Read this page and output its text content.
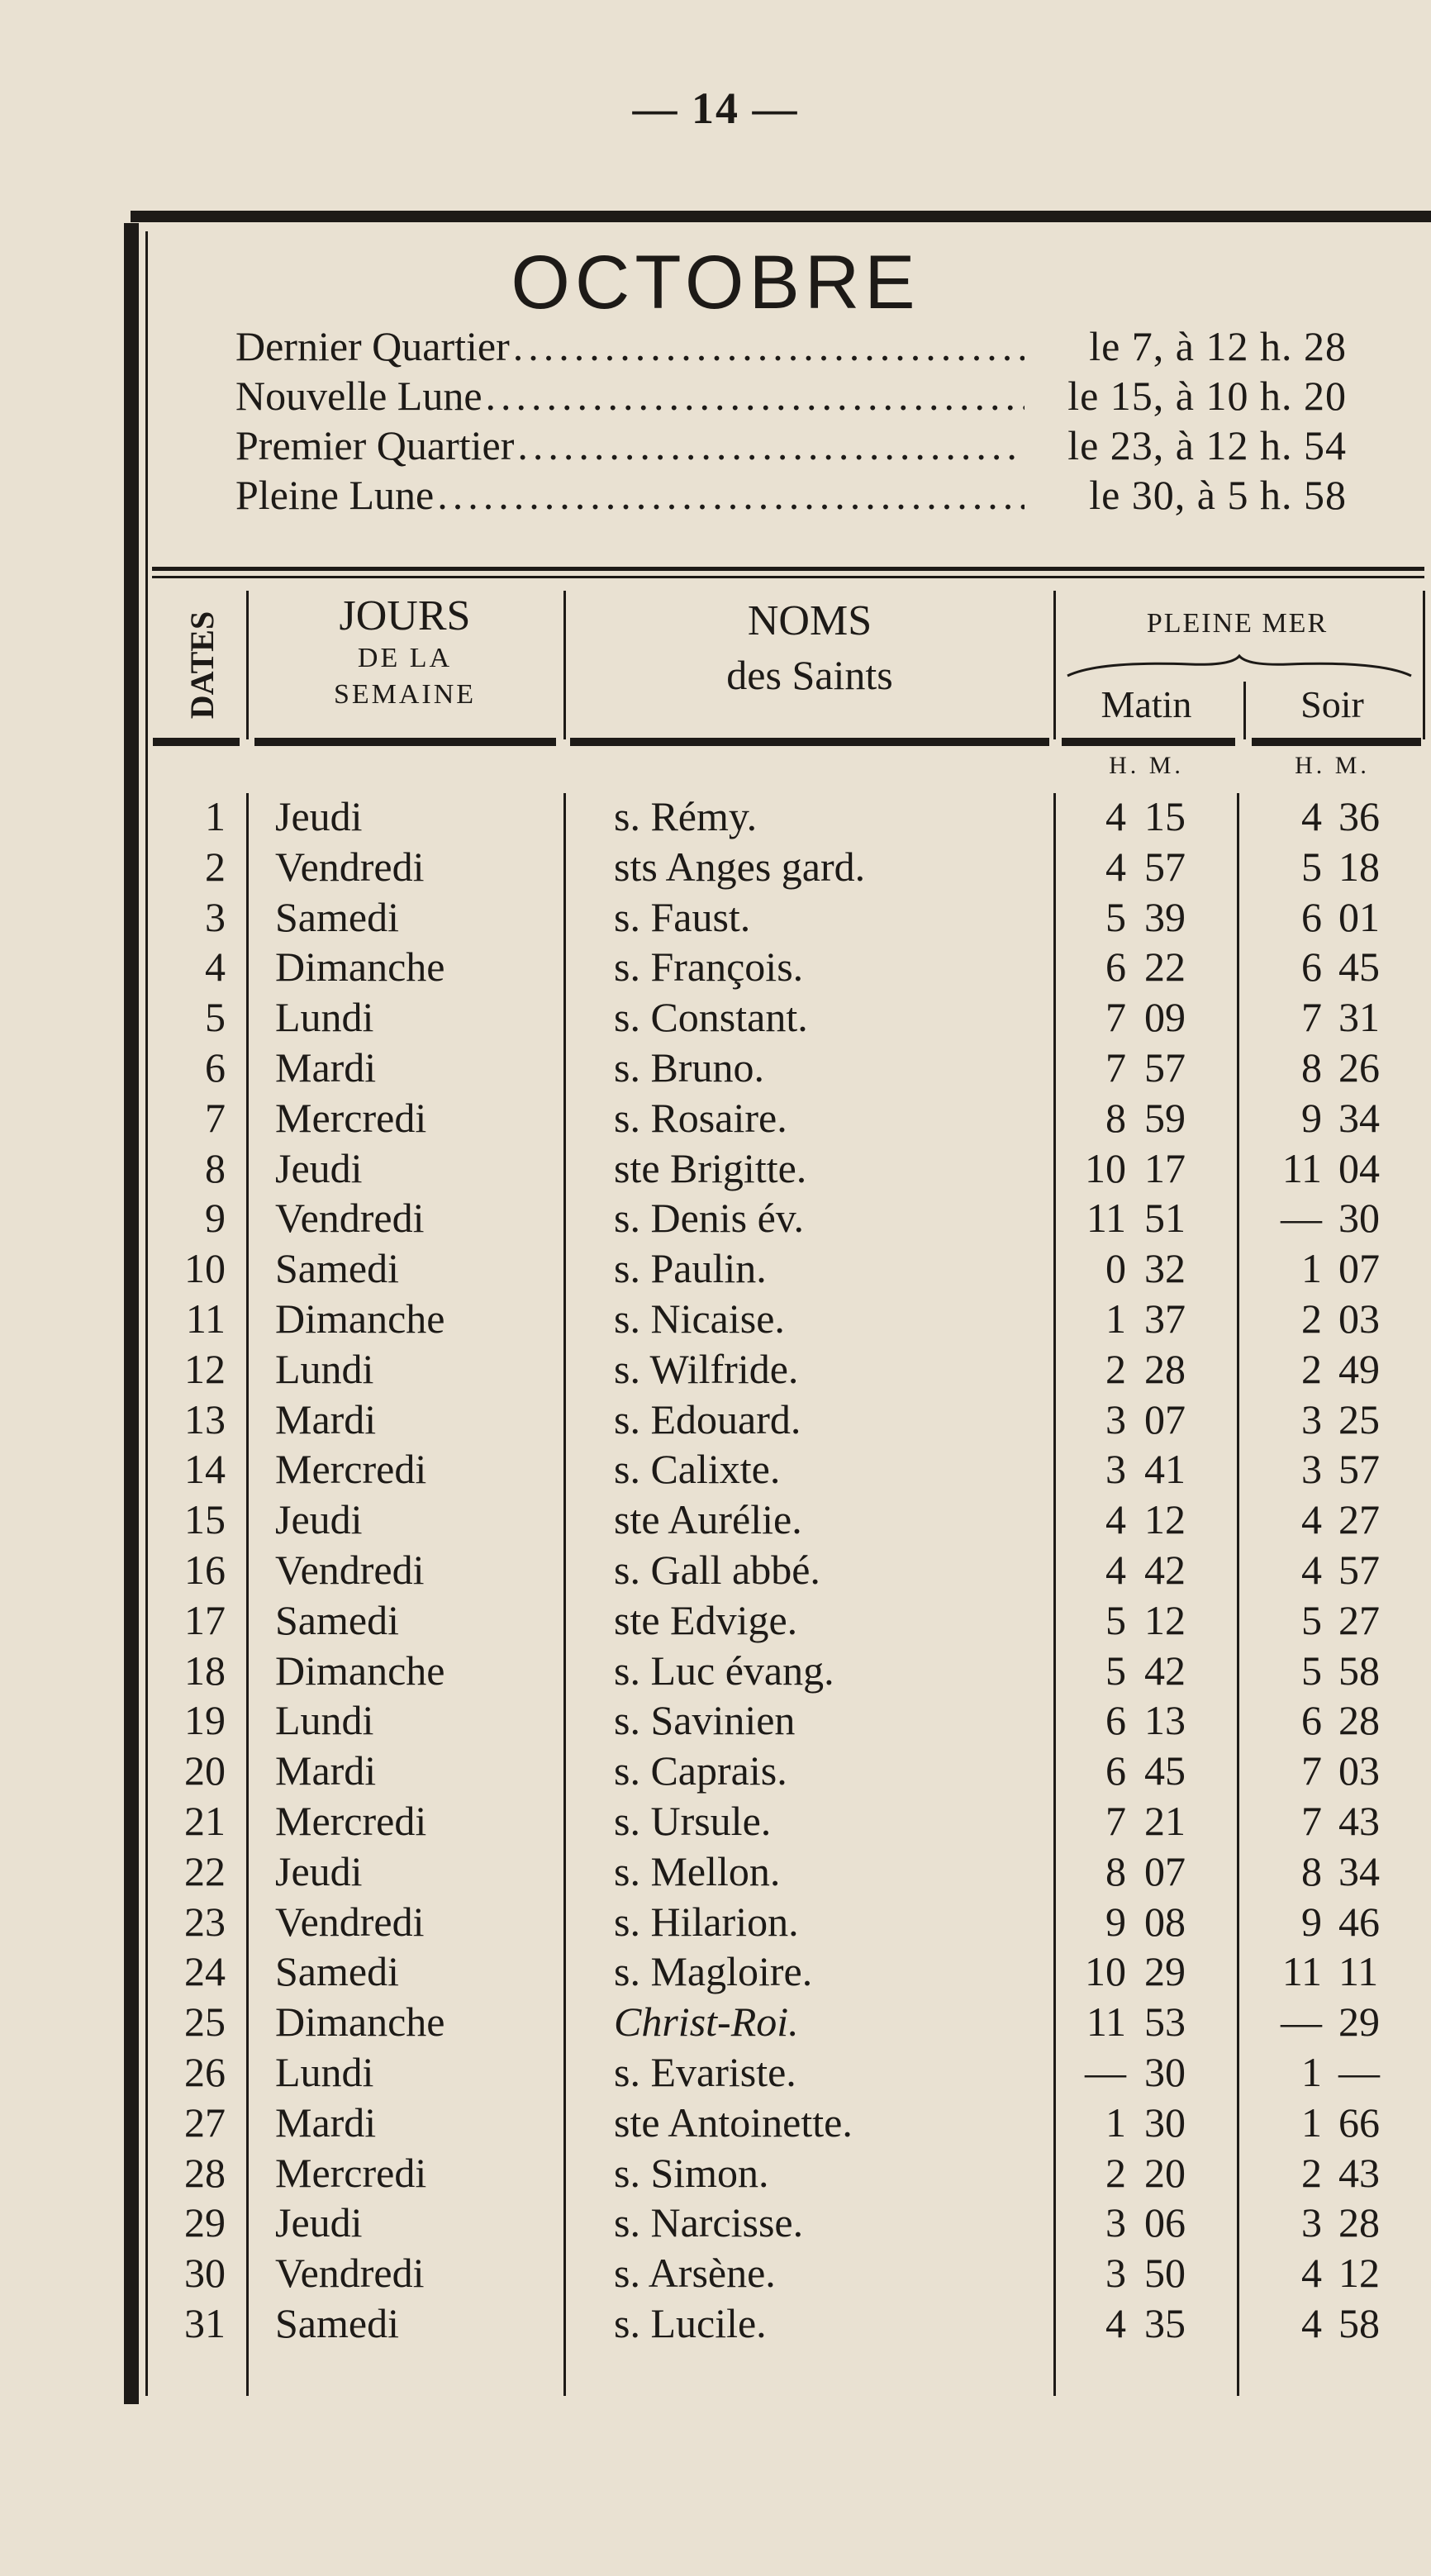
— 14 —
OCTOBRE
Dernier Quartier .....	le 7, à 12 h. 28
Nouvelle Lune .....	le 15, à 10 h. 20
Premier Quartier .....	le 23, à 12 h. 54
Pleine Lune .....	le 30, à 5 h. 58
DATES	JOURS
DE LA
SEMAINE
NOMS
des Saints
PLEINE MER
Matin	Soir
H. M.	H. M.
1 Jeudi	s. Rémy.	4 15	4 36
2 Vendredi	sts Anges gard.	4 57	5 18
3 Samedi	s. Faust.	5 39	6 01
4 Dimanche	s. François.	6 22	6 45
5 Lundi	s. Constant.	7 09	7 31
6 Mardi	s. Bruno.	7 57	8 26
7 Mercredi	s. Rosaire.	8 59	9 34
8 Jeudi	ste Brigitte.	10 17	11 04
9 Vendredi	s. Denis év.	11 51	— 30
10 Samedi	s. Paulin.	0 32	1 07
11 Dimanche	s. Nicaise.	1 37	2 03
12 Lundi	s. Wilfride.	2 28	2 49
13 Mardi	s. Edouard.	3 07	3 25
14 Mercredi	s. Calixte.	3 41	3 57
15 Jeudi	ste Aurélie.	4 12	4 27
16 Vendredi	s. Gall abbé.	4 42	4 57
17 Samedi	ste Edvige.	5 12	5 27
18 Dimanche	s. Luc évang.	5 42	5 58
19 Lundi	s. Savinien	6 13	6 28
20 Mardi	s. Caprais.	6 45	7 03
21 Mercredi	s. Ursule.	7 21	7 43
22 Jeudi	s. Mellon.	8 07	8 34
23 Vendredi	s. Hilarion.	9 08	9 46
24 Samedi	s. Magloire.	10 29	11 11
25 Dimanche	Christ-Roi.	11 53	— 29
26 Lundi	s. Evariste.	— 30	1 —
27 Mardi	ste Antoinette.	1 30	1 66
28 Mercredi	s. Simon.	2 20	2 43
29 Jeudi	s. Narcisse.	3 06	3 28
30 Vendredi	s. Arsène.	3 50	4 12
31 Samedi	s. Lucile.	4 35	4 58
